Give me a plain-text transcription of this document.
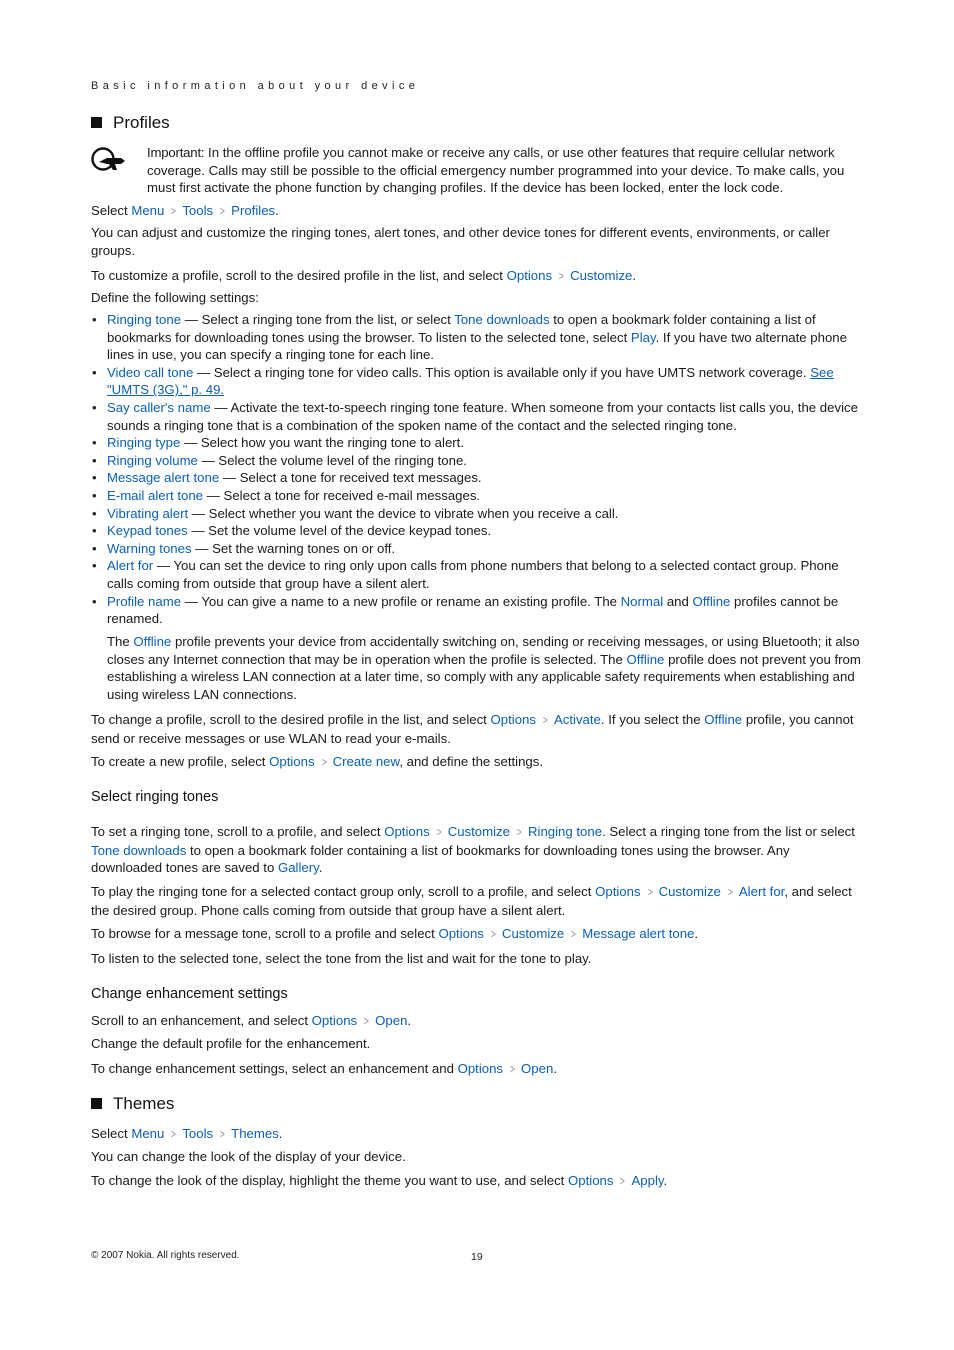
Basic information about your device
Profiles

Important: In the offline profile you cannot make or receive any calls, or use other features that require cellular network coverage. Calls may still be possible to the official emergency number programmed into your device. To make calls, you must first activate the phone function by changing profiles. If the device has been locked, enter the lock code.

Select Menu > Tools > Profiles.

You can adjust and customize the ringing tones, alert tones, and other device tones for different events, environments, or caller groups.

To customize a profile, scroll to the desired profile in the list, and select Options > Customize.

Define the following settings:

• Ringing tone — Select a ringing tone from the list, or select Tone downloads to open a bookmark folder containing a list of bookmarks for downloading tones using the browser. To listen to the selected tone, select Play. If you have two alternate phone lines in use, you can specify a ringing tone for each line.
• Video call tone — Select a ringing tone for video calls. This option is available only if you have UMTS network coverage. See "UMTS (3G)," p. 49.
• Say caller's name — Activate the text-to-speech ringing tone feature. When someone from your contacts list calls you, the device sounds a ringing tone that is a combination of the spoken name of the contact and the selected ringing tone.
• Ringing type — Select how you want the ringing tone to alert.
• Ringing volume — Select the volume level of the ringing tone.
• Message alert tone — Select a tone for received text messages.
• E-mail alert tone — Select a tone for received e-mail messages.
• Vibrating alert — Select whether you want the device to vibrate when you receive a call.
• Keypad tones — Set the volume level of the device keypad tones.
• Warning tones — Set the warning tones on or off.
• Alert for — You can set the device to ring only upon calls from phone numbers that belong to a selected contact group. Phone calls coming from outside that group have a silent alert.
• Profile name — You can give a name to a new profile or rename an existing profile. The Normal and Offline profiles cannot be renamed.

The Offline profile prevents your device from accidentally switching on, sending or receiving messages, or using Bluetooth; it also closes any Internet connection that may be in operation when the profile is selected. The Offline profile does not prevent you from establishing a wireless LAN connection at a later time, so comply with any applicable safety requirements when establishing and using wireless LAN connections.

To change a profile, scroll to the desired profile in the list, and select Options > Activate. If you select the Offline profile, you cannot send or receive messages or use WLAN to read your e-mails.

To create a new profile, select Options > Create new, and define the settings.

Select ringing tones

To set a ringing tone, scroll to a profile, and select Options > Customize > Ringing tone. Select a ringing tone from the list or select Tone downloads to open a bookmark folder containing a list of bookmarks for downloading tones using the browser. Any downloaded tones are saved to Gallery.

To play the ringing tone for a selected contact group only, scroll to a profile, and select Options > Customize > Alert for, and select the desired group. Phone calls coming from outside that group have a silent alert.

To browse for a message tone, scroll to a profile and select Options > Customize > Message alert tone.

To listen to the selected tone, select the tone from the list and wait for the tone to play.

Change enhancement settings

Scroll to an enhancement, and select Options > Open.

Change the default profile for the enhancement.

To change enhancement settings, select an enhancement and Options > Open.

Themes

Select Menu > Tools > Themes.

You can change the look of the display of your device.

To change the look of the display, highlight the theme you want to use, and select Options > Apply.

© 2007 Nokia. All rights reserved.	19
